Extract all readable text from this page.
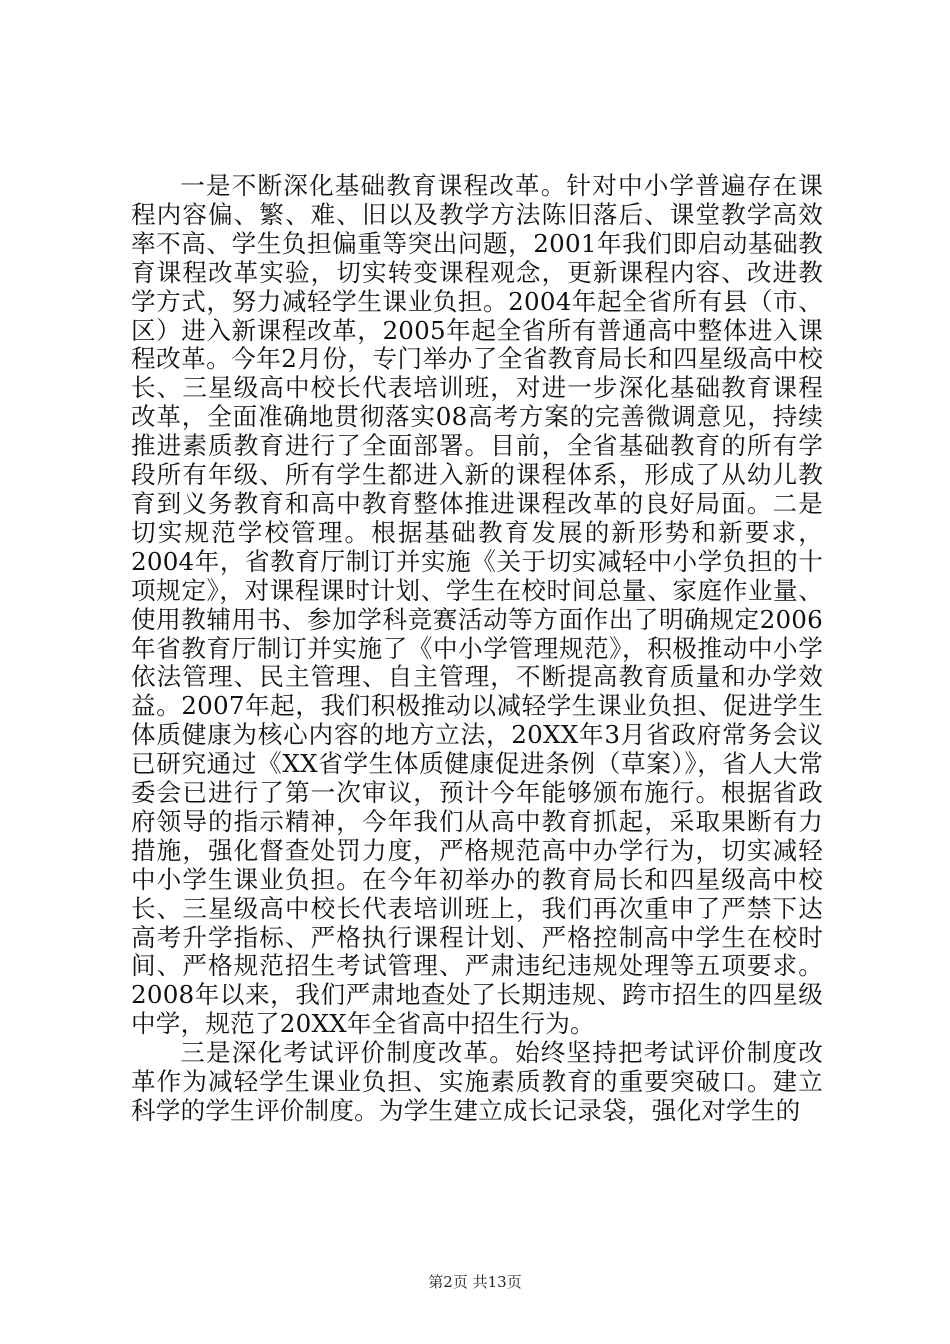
一是不断深化基础教育课程改革。针对中小学普遍存在课程内容偏、繁、难、旧以及教学方法陈旧落后、课堂教学高效率不高、学生负担偏重等突出问题，2001年我们即启动基础教育课程改革实验，切实转变课程观念，更新课程内容、改进教学方式，努力减轻学生课业负担。2004年起全省所有县（市、区）进入新课程改革，2005年起全省所有普通高中整体进入课程改革。今年2月份，专门举办了全省教育局长和四星级高中校长、三星级高中校长代表培训班，对进一步深化基础教育课程改革，全面准确地贯彻落实08高考方案的完善微调意见，持续推进素质教育进行了全面部署。目前，全省基础教育的所有学段所有年级、所有学生都进入新的课程体系，形成了从幼儿教育到义务教育和高中教育整体推进课程改革的良好局面。二是切实规范学校管理。根据基础教育发展的新形势和新要求，2004年，省教育厅制订并实施《关于切实减轻中小学负担的十项规定》，对课程课时计划、学生在校时间总量、家庭作业量、使用教辅用书、参加学科竞赛活动等方面作出了明确规定2006年省教育厅制订并实施了《中小学管理规范》，积极推动中小学依法管理、民主管理、自主管理，不断提高教育质量和办学效益。2007年起，我们积极推动以减轻学生课业负担、促进学生体质健康为核心内容的地方立法，20XX年3月省政府常务会议已研究通过《XX省学生体质健康促进条例（草案）》，省人大常委会已进行了第一次审议，预计今年能够颁布施行。根据省政府领导的指示精神，今年我们从高中教育抓起，采取果断有力措施，强化督查处罚力度，严格规范高中办学行为，切实减轻中小学生课业负担。在今年初举办的教育局长和四星级高中校长、三星级高中校长代表培训班上，我们再次重申了严禁下达高考升学指标、严格执行课程计划、严格控制高中学生在校时间、严格规范招生考试管理、严肃违纪违规处理等五项要求。2008年以来，我们严肃地查处了长期违规、跨市招生的四星级中学，规范了20XX年全省高中招生行为。

三是深化考试评价制度改革。始终坚持把考试评价制度改革作为减轻学生课业负担、实施素质教育的重要突破口。建立科学的学生评价制度。为学生建立成长记录袋，强化对学生的

第2页 共13页
